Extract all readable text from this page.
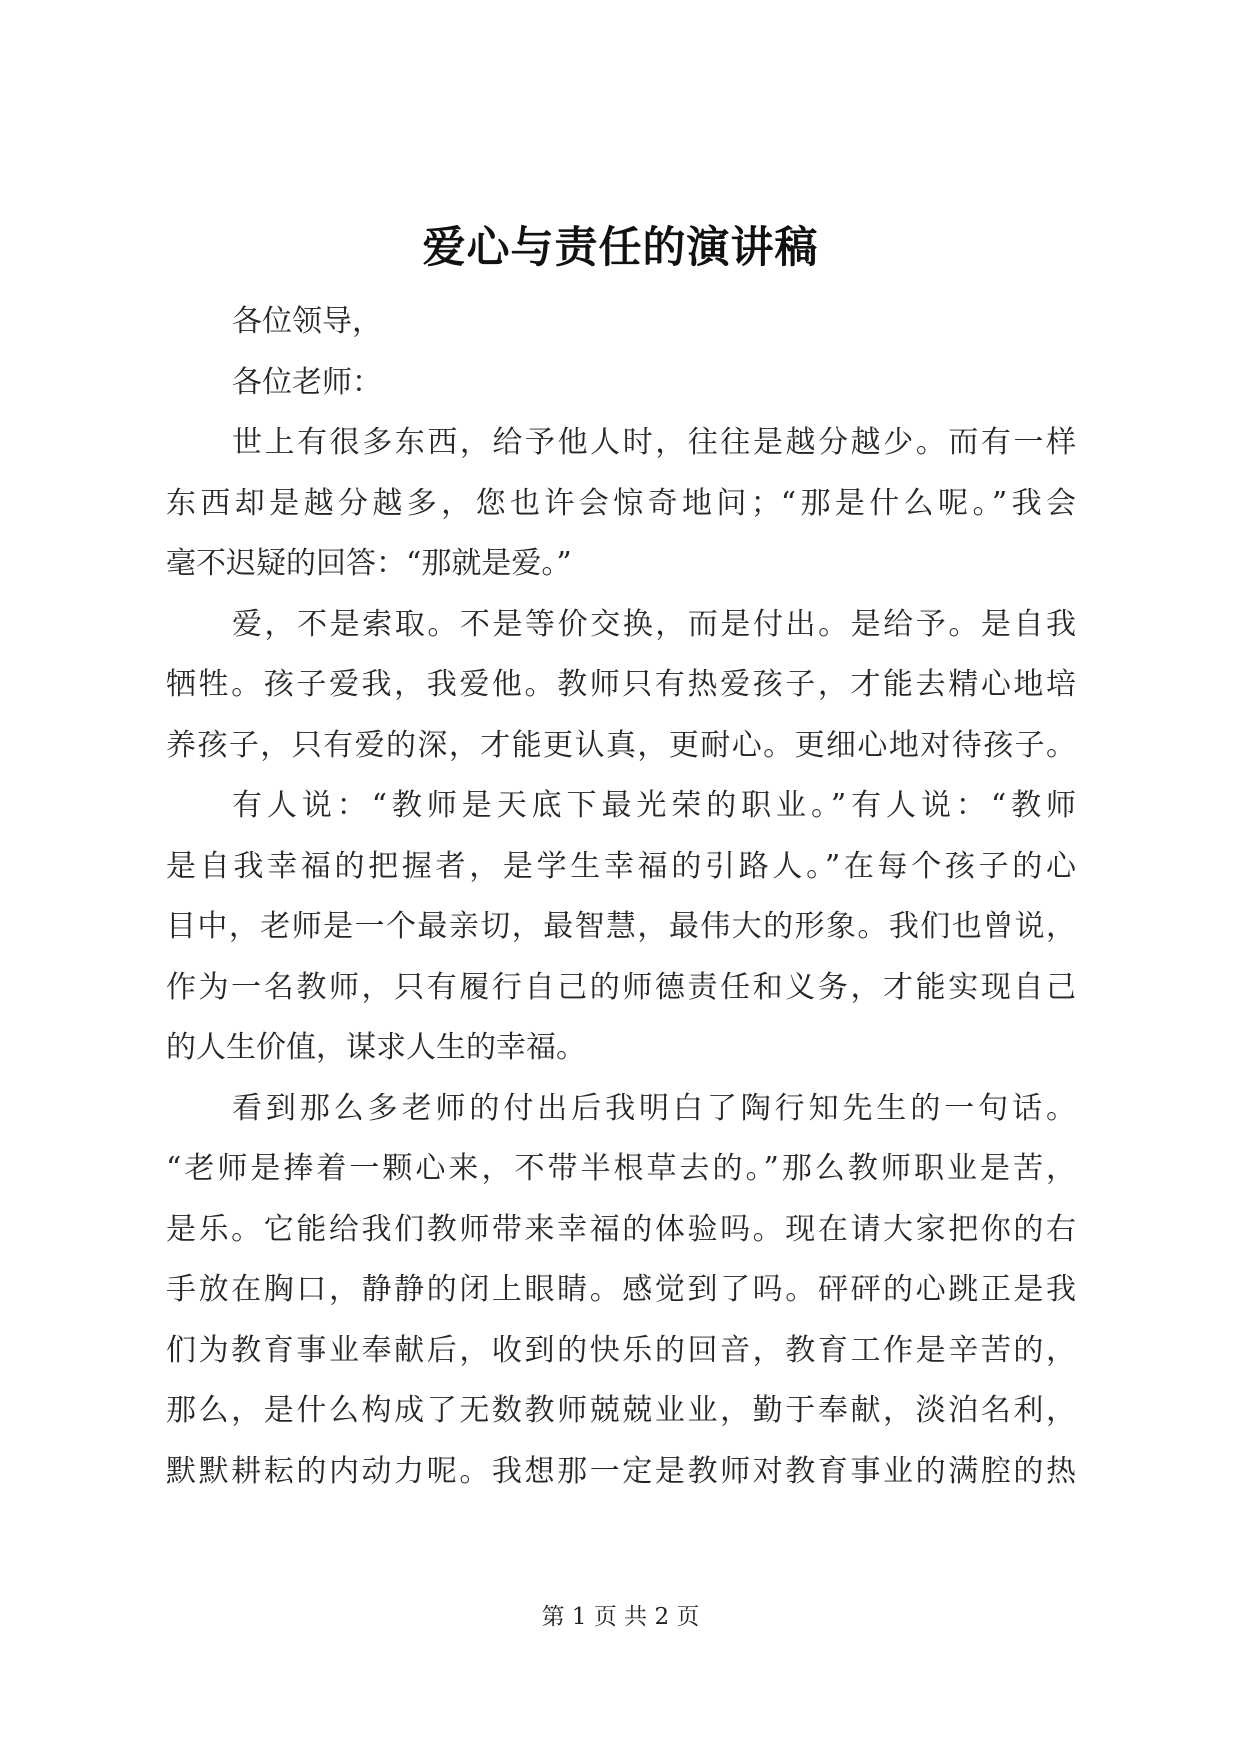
爱心与责任的演讲稿
各位领导，
各位老师：
世上有很多东西，给予他人时，往往是越分越少。而有一样
东西却是越分越多，您也许会惊奇地问；“那是什么呢。”我会
毫不迟疑的回答：“那就是爱。”
爱，不是索取。不是等价交换，而是付出。是给予。是自我
牺牲。孩子爱我，我爱他。教师只有热爱孩子，才能去精心地培
养孩子，只有爱的深，才能更认真，更耐心。更细心地对待孩子。
有人说：“教师是天底下最光荣的职业。”有人说：“教师
是自我幸福的把握者，是学生幸福的引路人。”在每个孩子的心
目中，老师是一个最亲切，最智慧，最伟大的形象。我们也曾说，
作为一名教师，只有履行自己的师德责任和义务，才能实现自己
的人生价值，谋求人生的幸福。
看到那么多老师的付出后我明白了陶行知先生的一句话。
“老师是捧着一颗心来，不带半根草去的。”那么教师职业是苦，
是乐。它能给我们教师带来幸福的体验吗。现在请大家把你的右
手放在胸口，静静的闭上眼睛。感觉到了吗。砰砰的心跳正是我
们为教育事业奉献后，收到的快乐的回音，教育工作是辛苦的，
那么，是什么构成了无数教师兢兢业业，勤于奉献，淡泊名利，
默默耕耘的内动力呢。我想那一定是教师对教育事业的满腔的热
第 1 页 共 2 页
